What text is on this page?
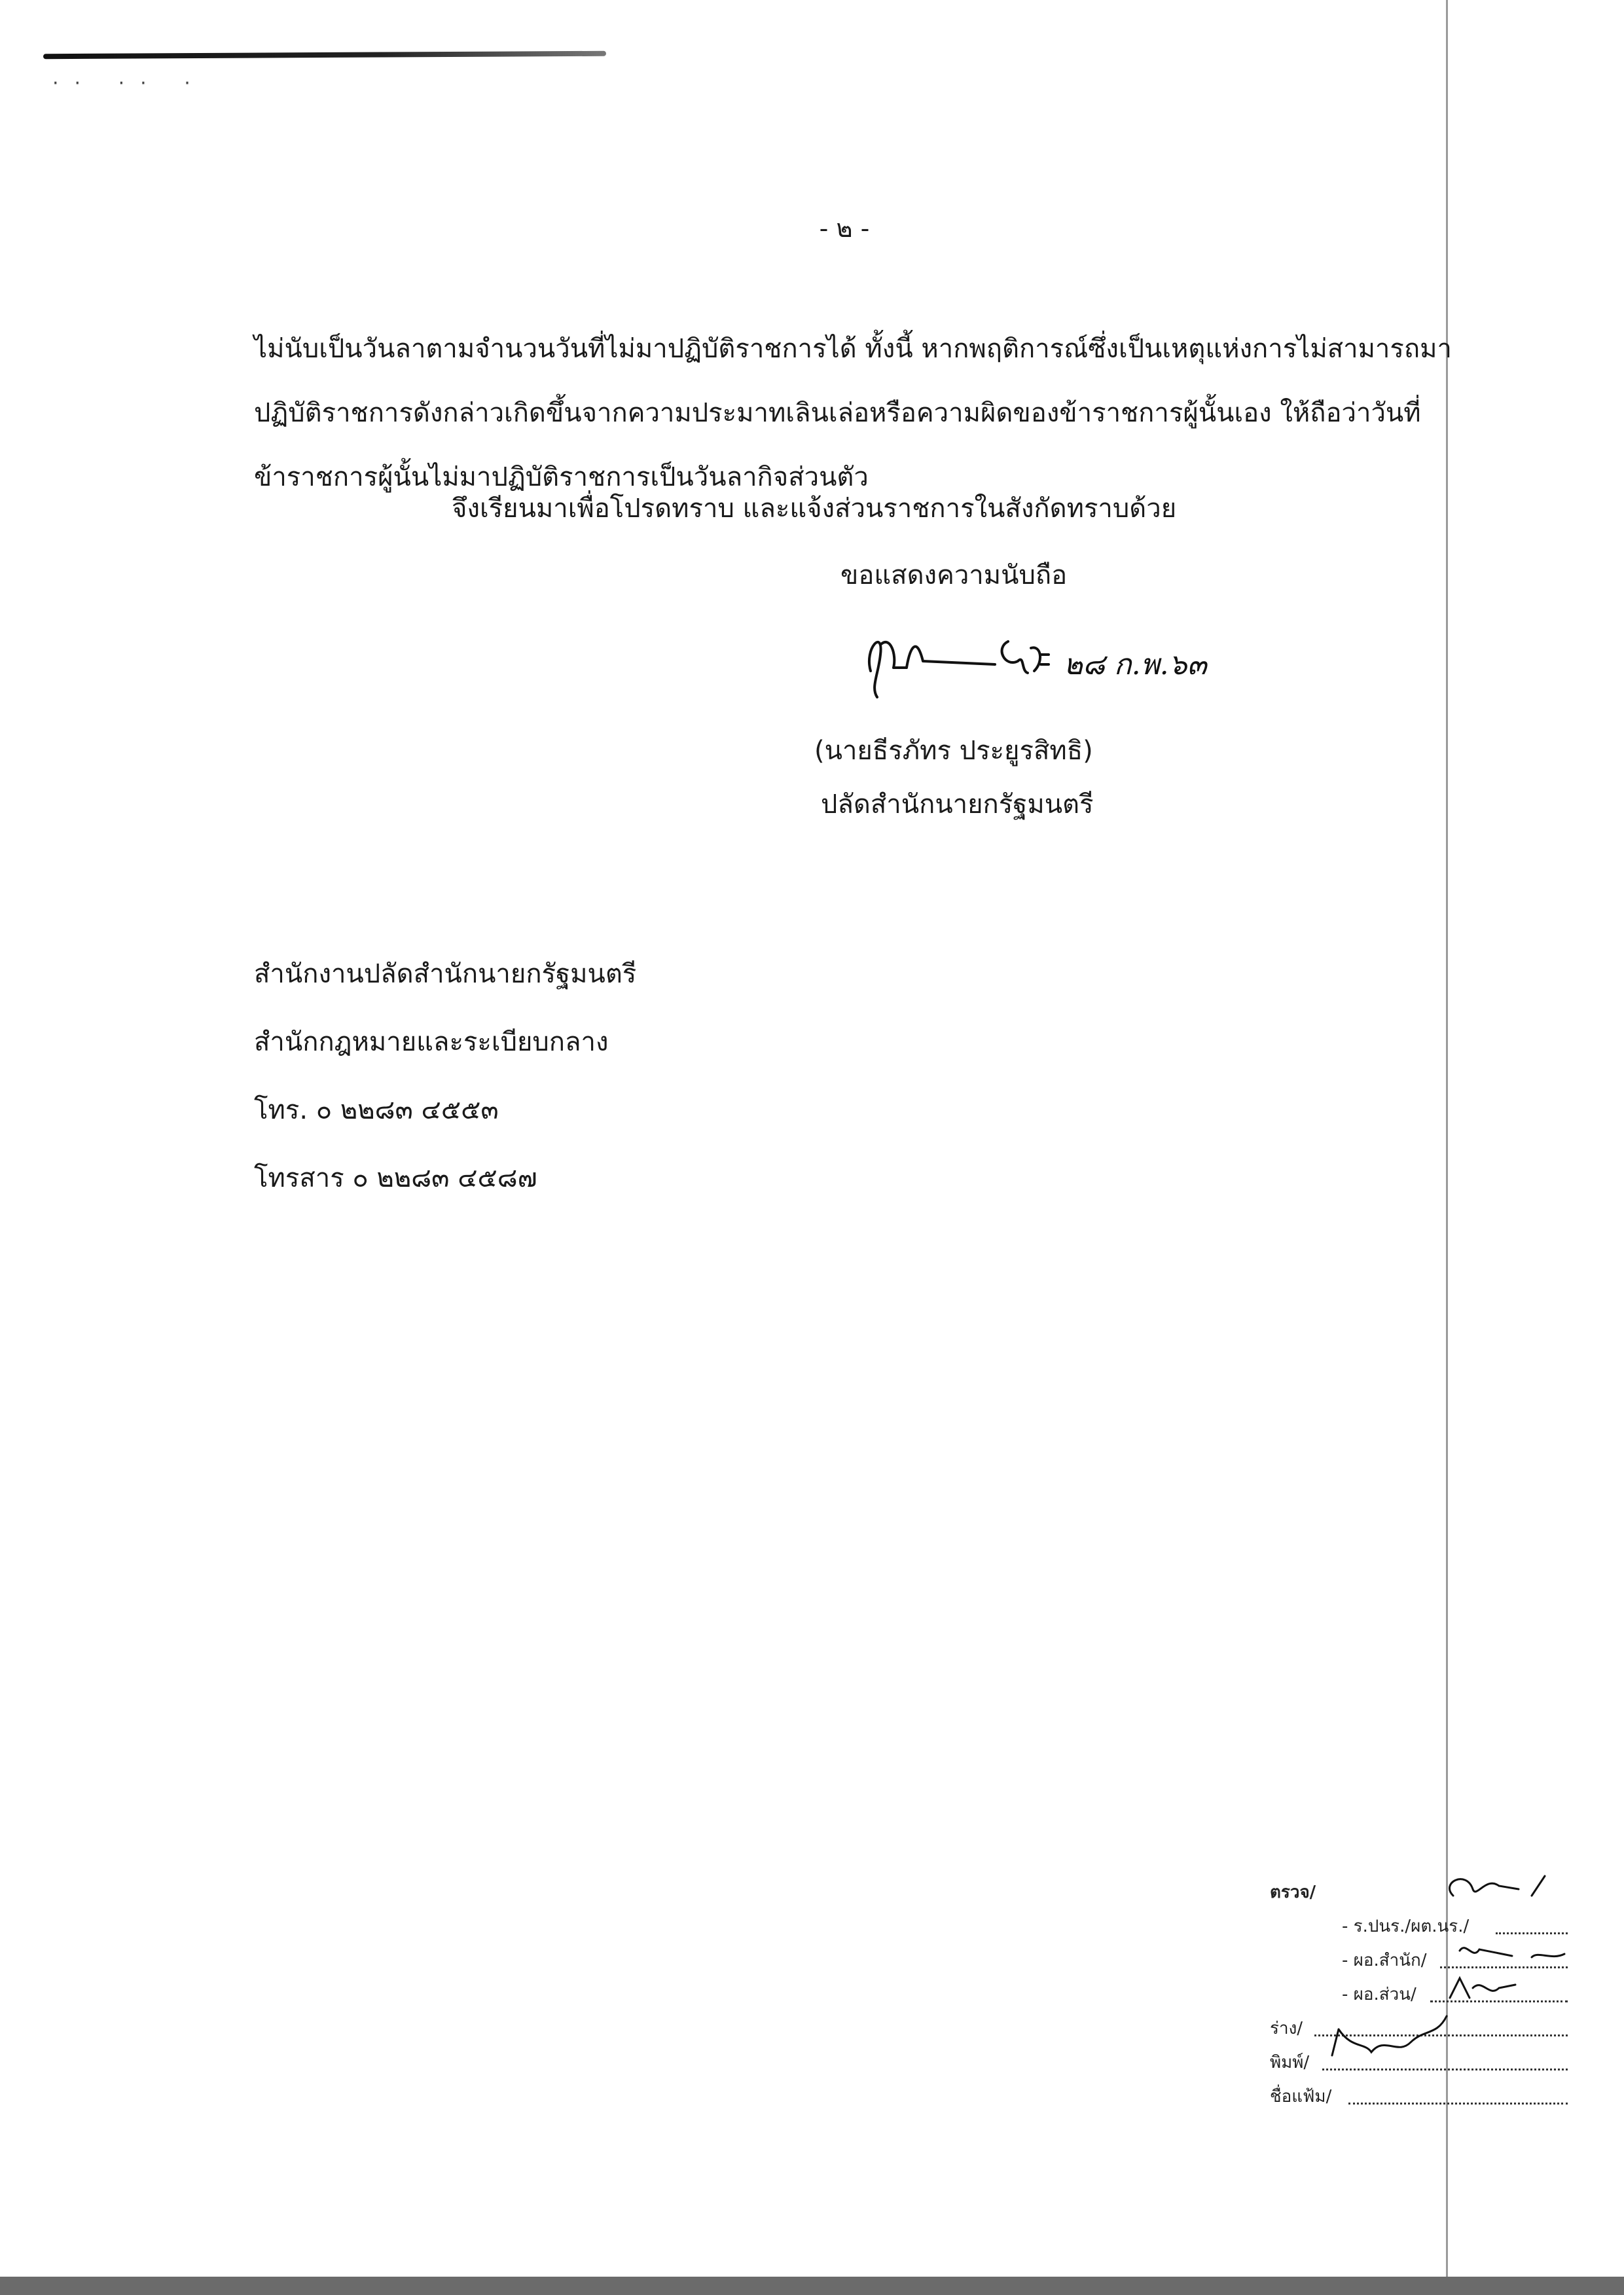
·· ·· ·
- ๒ -

ไม่นับเป็นวันลาตามจำนวนวันที่ไม่มาปฏิบัติราชการได้ ทั้งนี้ หากพฤติการณ์ซึ่งเป็นเหตุแห่งการไม่สามารถมาปฏิบัติราชการดังกล่าวเกิดขึ้นจากความประมาทเลินเล่อหรือความผิดของข้าราชการผู้นั้นเอง ให้ถือว่าวันที่ข้าราชการผู้นั้นไม่มาปฏิบัติราชการเป็นวันลากิจส่วนตัว

จึงเรียนมาเพื่อโปรดทราบ และแจ้งส่วนราชการในสังกัดทราบด้วย

ขอแสดงความนับถือ
๒๘ ก.พ.๖๓
(นายธีรภัทร ประยูรสิทธิ)
ปลัดสำนักนายกรัฐมนตรี
สำนักงานปลัดสำนักนายกรัฐมนตรี
สำนักกฎหมายและระเบียบกลาง
โทร. ๐ ๒๒๘๓ ๔๕๕๓
โทรสาร ๐ ๒๒๘๓ ๔๕๘๗
ตรวจ/
- ร.ปนร./ผต.นร./
- ผอ.สำนัก/
- ผอ.ส่วน/
ร่าง/
พิมพ์/
ชื่อแฟ้ม/
